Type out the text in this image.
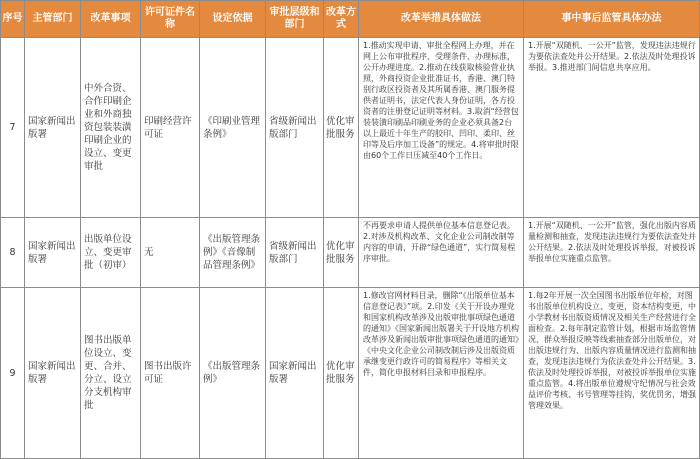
序号	主管部门	改革事项	许可证件名称	设定依据	审批层级和部门	改革方式	改革举措具体做法	事中事后监管具体办法
7	国家新闻出版署	中外合资、合作印刷企业和外商独资包装装潢印刷企业的设立、变更审批	印刷经营许可证	《印刷业管理条例》	省级新闻出版部门	优化审批服务	1.推动实现申请、审批全程网上办理，并在网上公布审批程序、受理条件、办理标准，公开办理进度。2.推动在线获取核验营业执照，外商投资企业批准证书，香港、澳门特别行政区投资者及其所属香港、澳门服务提供者证明书，法定代表人身份证明，各方投资者的注册登记证明等材料。3.取消“经营包装装潢印刷品印刷业务的企业必须具备2台以上最近十年生产的胶印、凹印、柔印、丝印等及后序加工设备”的规定。4.将审批时限由60个工作日压减至40个工作日。	1.开展“双随机、一公开”监管，发现违法违规行为要依法查处并公开结果。2.依法及时处理投诉举报。3.推进部门间信息共享应用。
8	国家新闻出版署	出版单位设立、变更审批（初审）	无	《出版管理条例》《音像制品管理条例》	省级新闻出版部门	优化审批服务	不再要求申请人提供单位基本信息登记表。2.对涉及机构改革、文化企业公司制改制等内容的申请，开辟“绿色通道”，实行简易程序审批。	1.开展“双随机、一公开”监管，强化出版内容质量检测和抽查，发现违法违规行为要依法查处并公开结果。2.依法及时处理投诉举报，对被投诉举报单位实施重点监管。
9	国家新闻出版署	图书出版单位设立、变更、合并、分立、设立分支机构审批	图书出版许可证	《出版管理条例》	国家新闻出版署	优化审批服务	1.修改官网材料目录，删除“《出版单位基本信息登记表》”项。2.印发《关于开设办理党和国家机构改革涉及出版审批事项绿色通道的通知》《国家新闻出版署关于开设地方机构改革涉及新闻出版审批事项绿色通道的通知》《中央文化企业公司制改制后涉及出版资质承继变更行政许可的简易程序》等相关文件，简化申报材料目录和申报程序。	1.每2年开展一次全国图书出版单位年检，对图书出版单位机构设立、变更，资本结构变更，中小学教材书出版资质情况及相关生产经营进行全面检查。2.每年制定监管计划，根据市场监管情况、群众举报反映等线索抽查部分出版单位，对出版违规行为、出版内容质量情况进行监测和抽查，发现违法违规行为依法查处并公开结果。3.依法及时处理投诉举报，对被投诉举报单位实施重点监管。4.将出版单位遵规守纪情况与社会效益评价考核、书号管理等挂钩，奖优罚劣，增强管理效果。
